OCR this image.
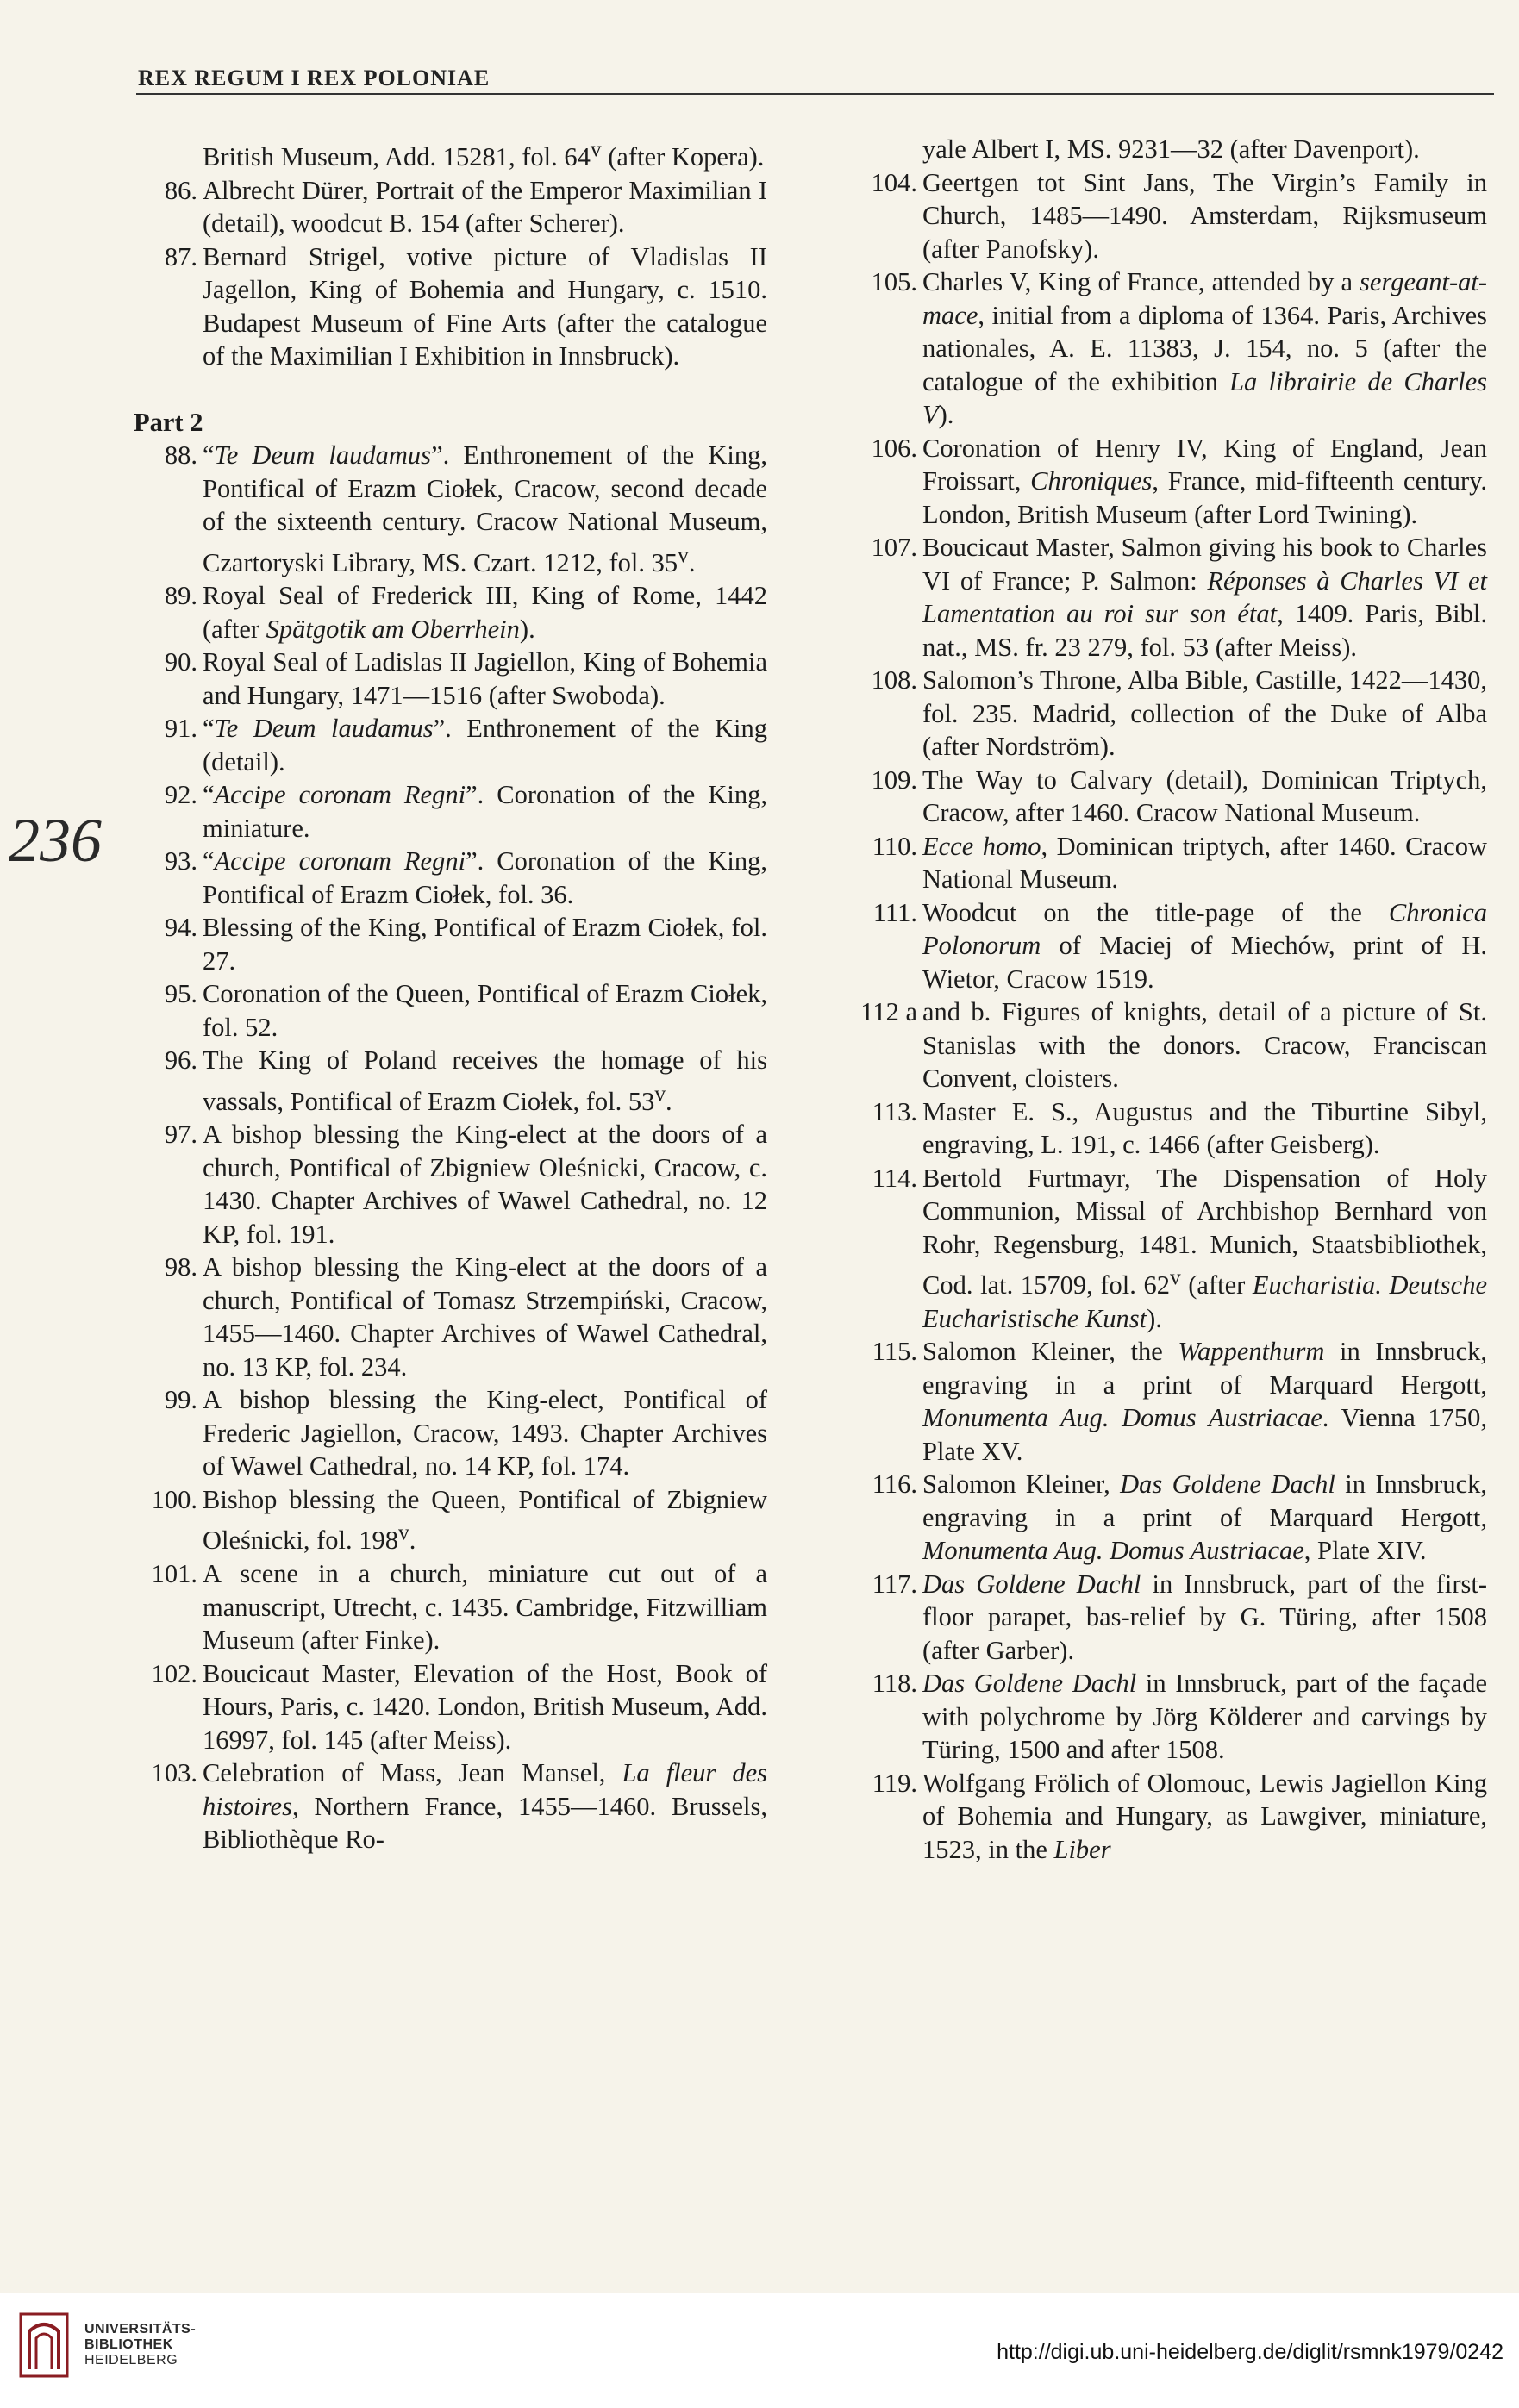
REX REGUM I REX POLONIAE
236
British Museum, Add. 15281, fol. 64$^v$ (after Kopera).
86. Albrecht Dürer, Portrait of the Emperor Maximilian I (detail), woodcut B. 154 (after Scherer).
87. Bernard Strigel, votive picture of Vladislas II Jagellon, King of Bohemia and Hungary, c. 1510. Budapest Museum of Fine Arts (after the catalogue of the Maximilian I Exhibition in Innsbruck).
Part 2
88. “Te Deum laudamus”. Enthronement of the King, Pontifical of Erazm Ciołek, Cracow, second decade of the sixteenth century. Cracow National Museum, Czartoryski Library, MS. Czart. 1212, fol. 35$^v$.
89. Royal Seal of Frederick III, King of Rome, 1442 (after Spätgotik am Oberrhein).
90. Royal Seal of Ladislas II Jagiellon, King of Bohemia and Hungary, 1471—1516 (after Swoboda).
91. “Te Deum laudamus”. Enthronement of the King (detail).
92. “Accipe coronam Regni”. Coronation of the King, miniature.
93. “Accipe coronam Regni”. Coronation of the King, Pontifical of Erazm Ciołek, fol. 36.
94. Blessing of the King, Pontifical of Erazm Ciołek, fol. 27.
95. Coronation of the Queen, Pontifical of Erazm Ciołek, fol. 52.
96. The King of Poland receives the homage of his vassals, Pontifical of Erazm Ciołek, fol. 53$^v$.
97. A bishop blessing the King-elect at the doors of a church, Pontifical of Zbigniew Oleśnicki, Cracow, c. 1430. Chapter Archives of Wawel Cathedral, no. 12 KP, fol. 191.
98. A bishop blessing the King-elect at the doors of a church, Pontifical of Tomasz Strzempiński, Cracow, 1455—1460. Chapter Archives of Wawel Cathedral, no. 13 KP, fol. 234.
99. A bishop blessing the King-elect, Pontifical of Frederic Jagiellon, Cracow, 1493. Chapter Archives of Wawel Cathedral, no. 14 KP, fol. 174.
100. Bishop blessing the Queen, Pontifical of Zbigniew Oleśnicki, fol. 198$^v$.
101. A scene in a church, miniature cut out of a manuscript, Utrecht, c. 1435. Cambridge, Fitzwilliam Museum (after Finke).
102. Boucicaut Master, Elevation of the Host, Book of Hours, Paris, c. 1420. London, British Museum, Add. 16997, fol. 145 (after Meiss).
103. Celebration of Mass, Jean Mansel, La fleur des histoires, Northern France, 1455—1460. Brussels, Bibliothèque Ro-
yale Albert I, MS. 9231—32 (after Davenport).
104. Geertgen tot Sint Jans, The Virgin’s Family in Church, 1485—1490. Amsterdam, Rijksmuseum (after Panofsky).
105. Charles V, King of France, attended by a sergeant-at-mace, initial from a diploma of 1364. Paris, Archives nationales, A. E. 11383, J. 154, no. 5 (after the catalogue of the exhibition La librairie de Charles V).
106. Coronation of Henry IV, King of England, Jean Froissart, Chroniques, France, mid-fifteenth century. London, British Museum (after Lord Twining).
107. Boucicaut Master, Salmon giving his book to Charles VI of France; P. Salmon: Réponses à Charles VI et Lamentation au roi sur son état, 1409. Paris, Bibl. nat., MS. fr. 23 279, fol. 53 (after Meiss).
108. Salomon’s Throne, Alba Bible, Castille, 1422—1430, fol. 235. Madrid, collection of the Duke of Alba (after Nordström).
109. The Way to Calvary (detail), Dominican Triptych, Cracow, after 1460. Cracow National Museum.
110. Ecce homo, Dominican triptych, after 1460. Cracow National Museum.
111. Woodcut on the title-page of the Chronica Polonorum of Maciej of Miechów, print of H. Wietor, Cracow 1519.
112 a and b. Figures of knights, detail of a picture of St. Stanislas with the donors. Cracow, Franciscan Convent, cloisters.
113. Master E. S., Augustus and the Tiburtine Sibyl, engraving, L. 191, c. 1466 (after Geisberg).
114. Bertold Furtmayr, The Dispensation of Holy Communion, Missal of Archbishop Bernhard von Rohr, Regensburg, 1481. Munich, Staatsbibliothek, Cod. lat. 15709, fol. 62$^v$ (after Eucharistia. Deutsche Eucharistische Kunst).
115. Salomon Kleiner, the Wappenthurm in Innsbruck, engraving in a print of Marquard Hergott, Monumenta Aug. Domus Austriacae. Vienna 1750, Plate XV.
116. Salomon Kleiner, Das Goldene Dachl in Innsbruck, engraving in a print of Marquard Hergott, Monumenta Aug. Domus Austriacae, Plate XIV.
117. Das Goldene Dachl in Innsbruck, part of the first-floor parapet, bas-relief by G. Türing, after 1508 (after Garber).
118. Das Goldene Dachl in Innsbruck, part of the façade with polychrome by Jörg Kölderer and carvings by Türing, 1500 and after 1508.
119. Wolfgang Frölich of Olomouc, Lewis Jagiellon King of Bohemia and Hungary, as Lawgiver, miniature, 1523, in the Liber
UNIVERSITÄTS-
BIBLIOTHEK
HEIDELBERG	http://digi.ub.uni-heidelberg.de/diglit/rsmnk1979/0242
